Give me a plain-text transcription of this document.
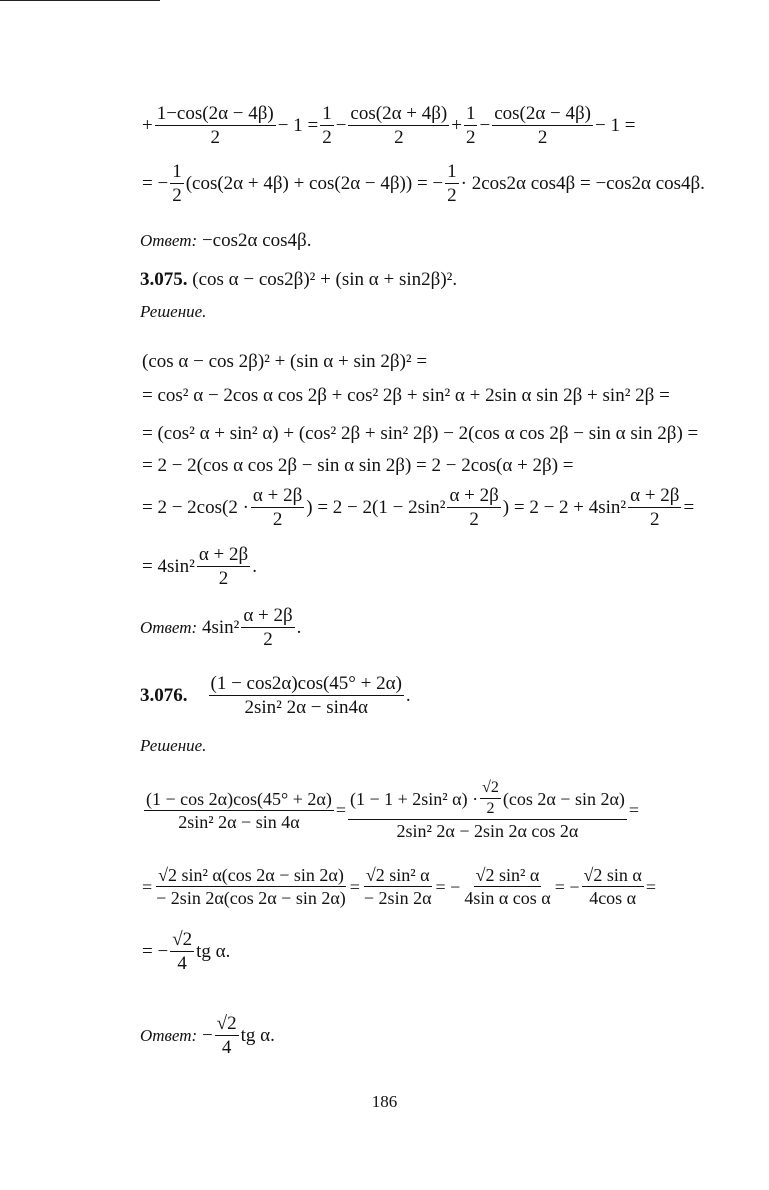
+ $\frac{1-\cos(2\alpha - 4\beta)}{2} - 1 = \frac{1}{2} - \frac{\cos(2\alpha + 4\beta)}{2} + \frac{1}{2} - \frac{\cos(2\alpha - 4\beta)}{2} - 1$ =
= − $\frac{1}{2} (\cos(2\alpha + 4\beta) + \cos(2\alpha - 4\beta))$ = − $\frac{1}{2} \cdot 2\cos 2\alpha$ cos4β = −cos2α cos4β.
Ответ: −cos2α cos4β.
3.075. (cos α − cos2β)² + (sin α + sin2β)².
Решение.
(cos α − cos 2β)² + (sin α + sin 2β)² =
= cos² α − 2cos α cos 2β + cos² 2β + sin² α + 2sin α sin 2β + sin² 2β =
= (cos² α + sin² α) + (cos² 2β + sin² 2β) − 2(cos α cos 2β − sin α sin 2β) =
= 2 − 2(cos α cos 2β − sin α sin 2β) = 2 − 2cos(α + 2β) =
= $2 - 2\cos(2 \cdot \frac{\alpha + 2\beta}{2}$ ) = $2 - 2(1 - 2\sin^2 \frac{\alpha + 2\beta}{2}$ ) = $2 - 2 + 4\sin^2 \frac{\alpha + 2\beta}{2}$ =
= $4\sin^2 \frac{\alpha + 2\beta}{2}$ .
Ответ:
$4\sin^2 \frac{\alpha + 2\beta}{2}$ .
3.076.
$\frac{(1 - \cos 2\alpha)\cos(45^\circ + 2\alpha)}{\text{2sin² 2α − sin4α}}$ .
Решение.
$\frac{(1 - \cos 2\alpha)\cos(45^\circ + 2\alpha)}{\text{2sin² 2α − sin 4α}}$ =
(1 − 1 + 2sin² $\alpha) \cdot \frac{√2}{2} (\cos$ 2α − sin 2α)
2sin² 2α − 2sin 2α cos 2α
=
= $\frac{\text{√2 sin² α(cos 2α − sin 2α)}}{- 2\sin 2\alpha(\cos 2\alpha - \sin 2\alpha)} = \frac{\text{√2 sin² α}}{- 2\sin 2\alpha}$ = − $\frac{\text{√2 sin² α}}{\text{4sin α cos α}}$ = − $\frac{\text{√2 sin α}}{\text{4cos α}}$ =
= − $\frac{√2}{4}$ tg α.
Ответ:
− $\frac{√2}{4}$ tg α.
186
